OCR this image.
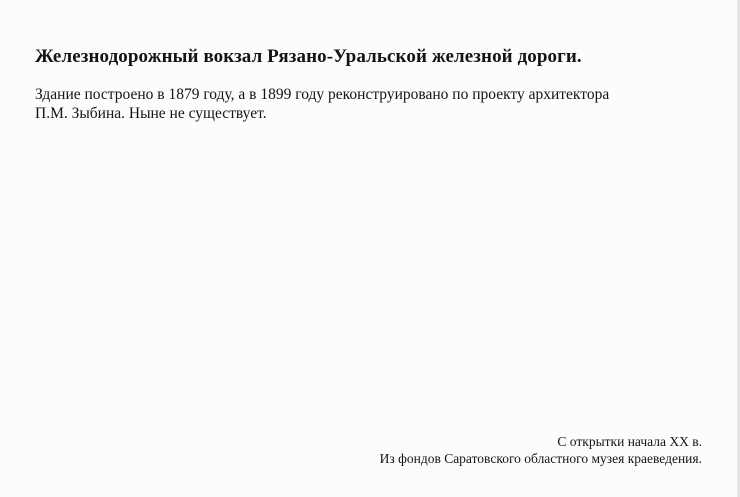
Железнодорожный вокзал Рязано-Уральской железной дороги.

Здание построено в 1879 году, а в 1899 году реконструировано по проекту архитектора
П.М. Зыбина. Ныне не существует.

С открытки начала XX в.
Из фондов Саратовского областного музея краеведения.
